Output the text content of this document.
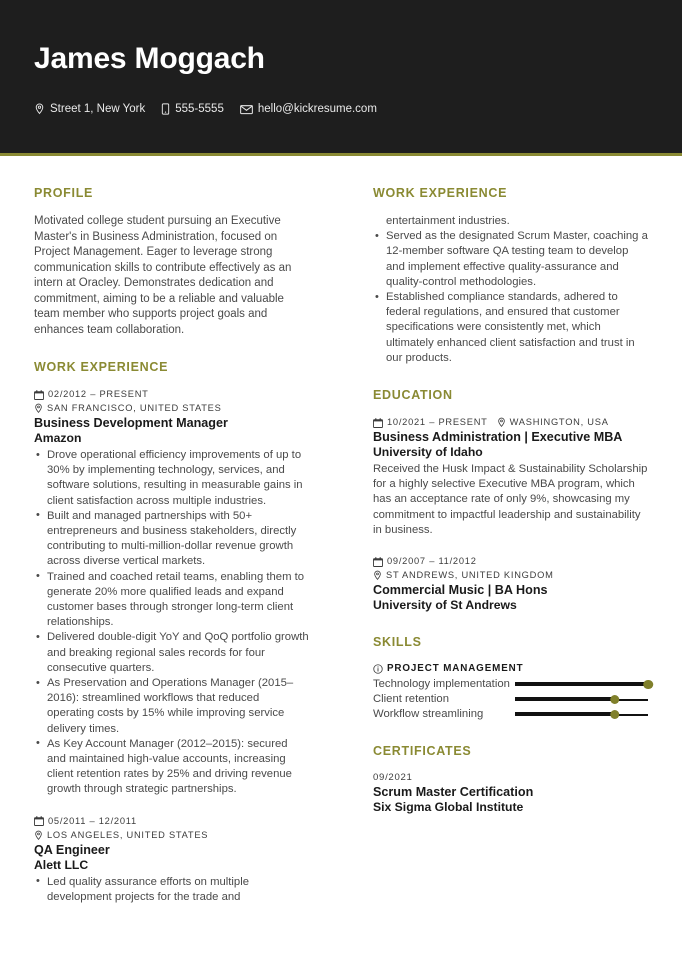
James Moggach
Street 1, New York	555-5555	hello@kickresume.com
PROFILE

Motivated college student pursuing an Executive Master's in Business Administration, focused on Project Management. Eager to leverage strong communication skills to contribute effectively as an intern at Oracley. Demonstrates dedication and commitment, aiming to be a reliable and valuable team member who supports project goals and enhances team collaboration.

WORK EXPERIENCE
02/2012 – PRESENT
SAN FRANCISCO, UNITED STATES
Business Development Manager
Amazon
• Drove operational efficiency improvements of up to 30% by implementing technology, services, and software solutions, resulting in measurable gains in client satisfaction across multiple industries.
• Built and managed partnerships with 50+ entrepreneurs and business stakeholders, directly contributing to multi-million-dollar revenue growth across diverse vertical markets.
• Trained and coached retail teams, enabling them to generate 20% more qualified leads and expand customer bases through stronger long-term client relationships.
• Delivered double-digit YoY and QoQ portfolio growth and breaking regional sales records for four consecutive quarters.
• As Preservation and Operations Manager (2015–2016): streamlined workflows that reduced operating costs by 15% while improving service delivery times.
• As Key Account Manager (2012–2015): secured and maintained high-value accounts, increasing client retention rates by 25% and driving revenue growth through strategic partnerships.
05/2011 – 12/2011
LOS ANGELES, UNITED STATES
QA Engineer
Alett LLC
• Led quality assurance efforts on multiple development projects for the trade and
WORK EXPERIENCE
entertainment industries.
• Served as the designated Scrum Master, coaching a 12-member software QA testing team to develop and implement effective quality-assurance and quality-control methodologies.
• Established compliance standards, adhered to federal regulations, and ensured that customer specifications were consistently met, which ultimately enhanced client satisfaction and trust in our products.
EDUCATION
10/2021 – PRESENT WASHINGTON, USA
Business Administration | Executive MBA
University of Idaho
Received the Husk Impact & Sustainability Scholarship for a highly selective Executive MBA program, which has an acceptance rate of only 9%, showcasing my commitment to impactful leadership and sustainability in business.
09/2007 – 11/2012
ST ANDREWS, UNITED KINGDOM
Commercial Music | BA Hons
University of St Andrews
SKILLS
PROJECT MANAGEMENT
Technology implementation
Client retention
Workflow streamlining
CERTIFICATES
09/2021
Scrum Master Certification
Six Sigma Global Institute
